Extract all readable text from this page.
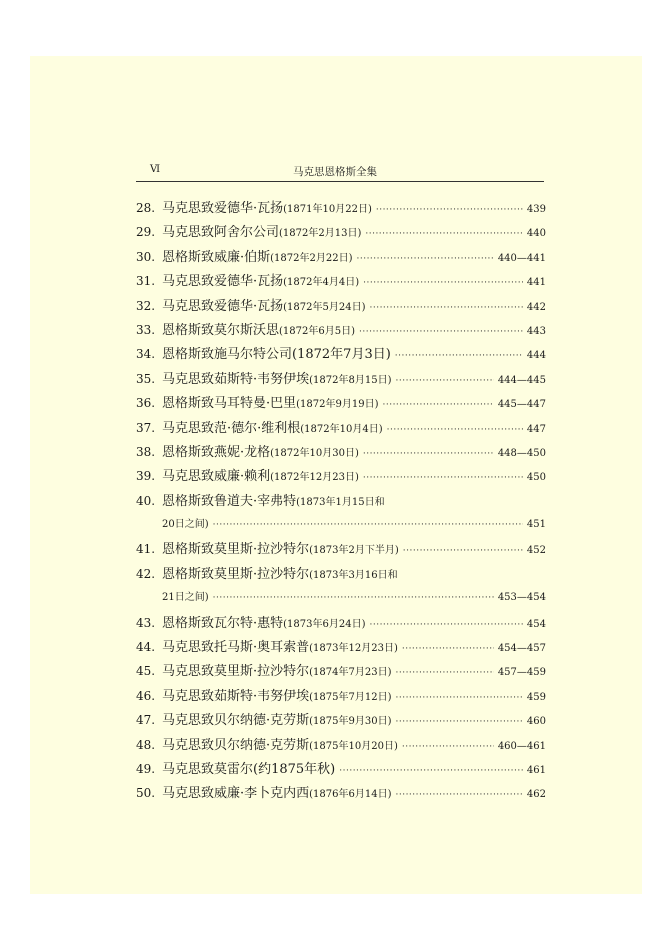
Ⅵ	马克思恩格斯全集
28. 马克思致爱德华·瓦扬 (1871年10月22日) ·····	439
29. 马克思致阿舍尔公司 (1872年2月13日) ·····	440
30. 恩格斯致威廉·伯斯 (1872年2月22日) ·····	440—441
31. 马克思致爱德华·瓦扬 (1872年4月4日) ·····	441
32. 马克思致爱德华·瓦扬 (1872年5月24日) ·····	442
33. 恩格斯致莫尔斯沃思 (1872年6月5日) ·····	443
34. 恩格斯致施马尔特公司 (1872年7月3日) ·····	444
35. 马克思致茹斯特·韦努伊埃 (1872年8月15日) ·····	444—445
36. 恩格斯致马耳特曼·巴里 (1872年9月19日) ·····	445—447
37. 马克思致范·德尔·维利根 (1872年10月4日) ·····	447
38. 恩格斯致燕妮·龙格 (1872年10月30日) ·····	448—450
39. 马克思致威廉·赖利 (1872年12月23日) ·····	450
40. 恩格斯致鲁道夫·宰弗特 (1873年1月15日和
20日之间) ·····	451
41. 恩格斯致莫里斯·拉沙特尔 (1873年2月下半月) ·····	452
42. 恩格斯致莫里斯·拉沙特尔 (1873年3月16日和
21日之间) ·····	453—454
43. 恩格斯致瓦尔特·惠特 (1873年6月24日) ·····	454
44. 马克思致托马斯·奥耳索普 (1873年12月23日) ·····	454—457
45. 马克思致莫里斯·拉沙特尔 (1874年7月23日) ·····	457—459
46. 马克思致茹斯特·韦努伊埃 (1875年7月12日) ·····	459
47. 马克思致贝尔纳德·克劳斯 (1875年9月30日) ·····	460
48. 马克思致贝尔纳德·克劳斯 (1875年10月20日) ·····	460—461
49. 马克思致莫雷尔 (约1875年秋) ·····	461
50. 马克思致威廉·李卜克内西 (1876年6月14日) ·····	462
